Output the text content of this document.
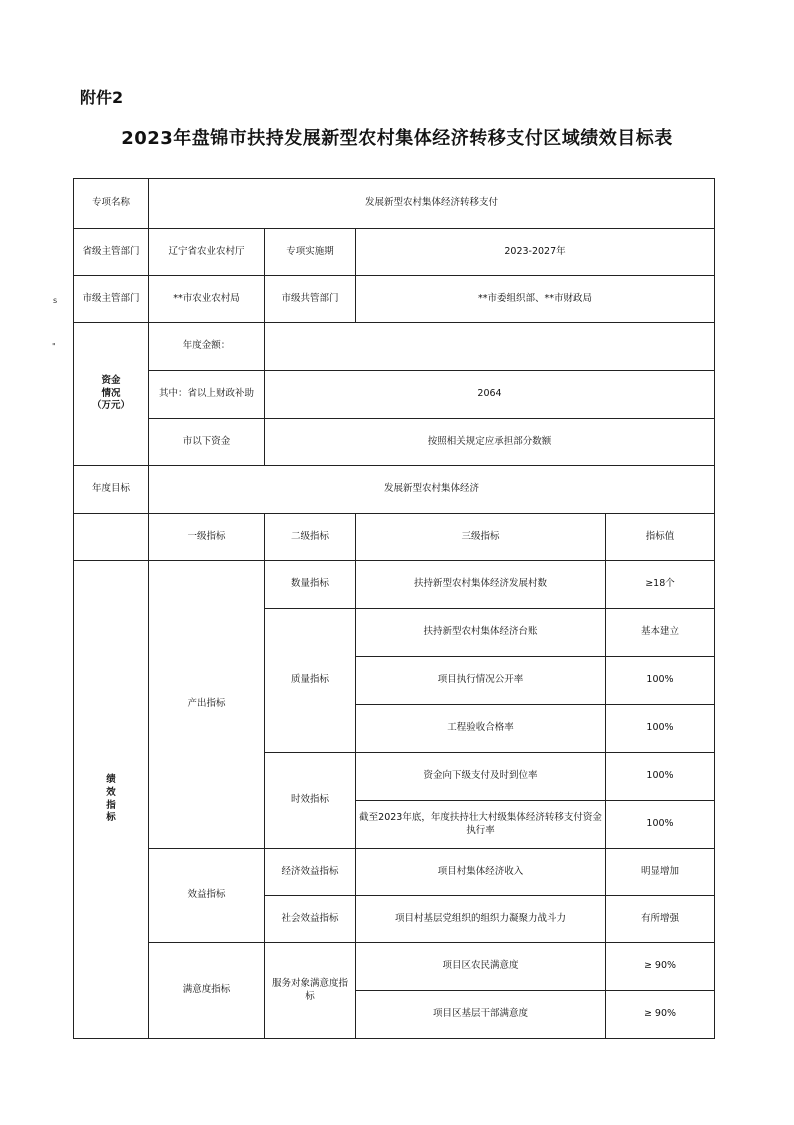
附件2
2023年盘锦市扶持发展新型农村集体经济转移支付区域绩效目标表
s
"
专项名称	发展新型农村集体经济转移支付			
省级主管部门	辽宁省农业农村厅	专项实施期	2023-2027年	
市级主管部门	**市农业农村局	市级共管部门	**市委组织部、**市财政局	
资金
情况
（万元）	年度金额：			
	其中：省以上财政补助	2064		
	市以下资金	按照相关规定应承担部分数额		
年度目标	发展新型农村集体经济			
	一级指标	二级指标	三级指标	指标值
绩
效
指
标	产出指标	数量指标	扶持新型农村集体经济发展村数	≥18个
		质量指标	扶持新型农村集体经济台账	基本建立
			项目执行情况公开率	100%
			工程验收合格率	100%
		时效指标	资金向下级支付及时到位率	100%
			截至2023年底，年度扶持壮大村级集体经济转移支付资金执行率	100%
	效益指标	经济效益指标	项目村集体经济收入	明显增加
		社会效益指标	项目村基层党组织的组织力凝聚力战斗力	有所增强
	满意度指标	服务对象满意度指标	项目区农民满意度	≥ 90%
			项目区基层干部满意度	≥ 90%
